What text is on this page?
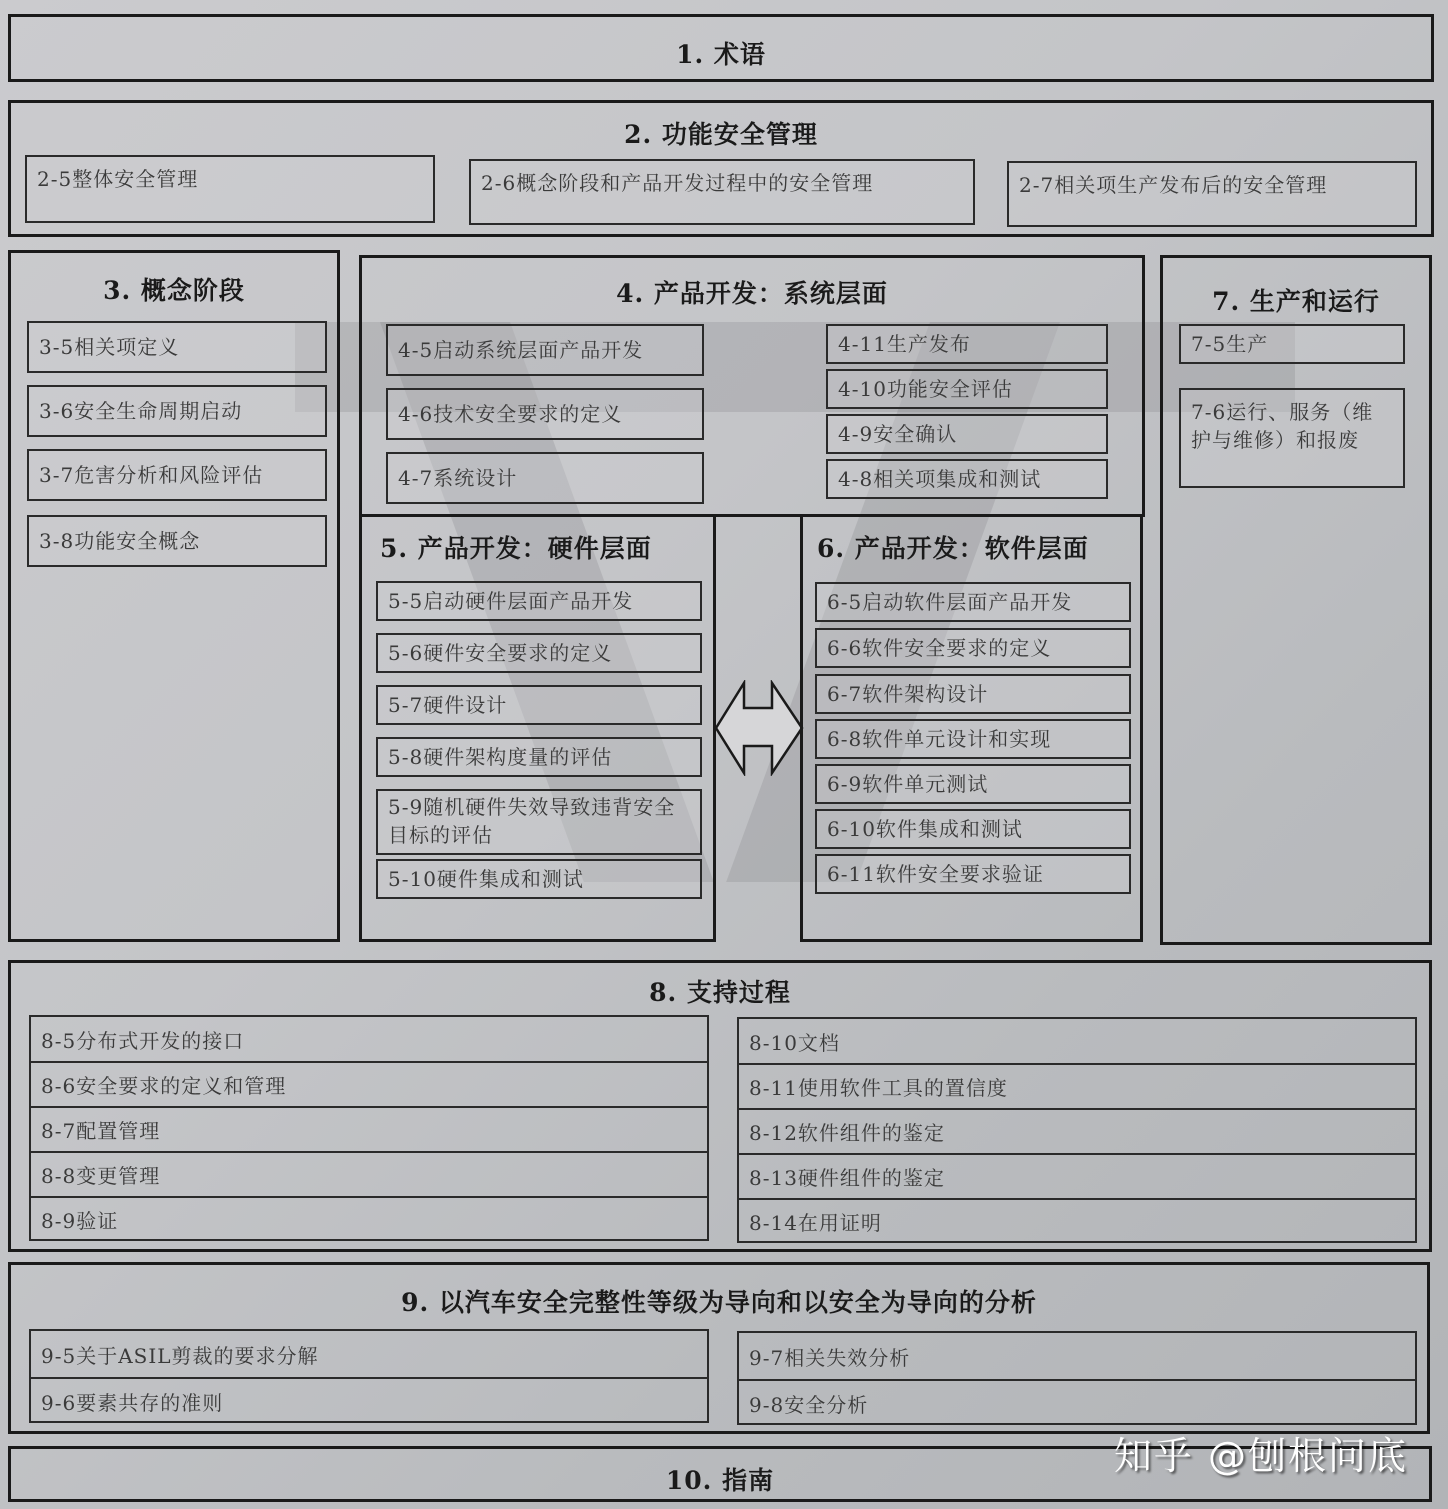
1. 术语
2. 功能安全管理
2-5整体安全管理	2-6概念阶段和产品开发过程中的安全管理	2-7相关项生产发布后的安全管理
3. 概念阶段
3-5相关项定义
3-6安全生命周期启动
3-7危害分析和风险评估
3-8功能安全概念
4. 产品开发：系统层面
4-5启动系统层面产品开发
4-6技术安全要求的定义
4-7系统设计
4-11生产发布
4-10功能安全评估
4-9安全确认
4-8相关项集成和测试
5. 产品开发：硬件层面
5-5启动硬件层面产品开发
5-6硬件安全要求的定义
5-7硬件设计
5-8硬件架构度量的评估
5-9随机硬件失效导致违背安全目标的评估
5-10硬件集成和测试
6. 产品开发：软件层面
6-5启动软件层面产品开发
6-6软件安全要求的定义
6-7软件架构设计
6-8软件单元设计和实现
6-9软件单元测试
6-10软件集成和测试
6-11软件安全要求验证
7. 生产和运行
7-5生产
7-6运行、服务（维护与维修）和报废
8. 支持过程
8-5分布式开发的接口
8-6安全要求的定义和管理
8-7配置管理
8-8变更管理
8-9验证
8-10文档
8-11使用软件工具的置信度
8-12软件组件的鉴定
8-13硬件组件的鉴定
8-14在用证明
9. 以汽车安全完整性等级为导向和以安全为导向的分析
9-5关于ASIL剪裁的要求分解
9-6要素共存的准则
9-7相关失效分析
9-8安全分析
10. 指南
知乎 @刨根问底
